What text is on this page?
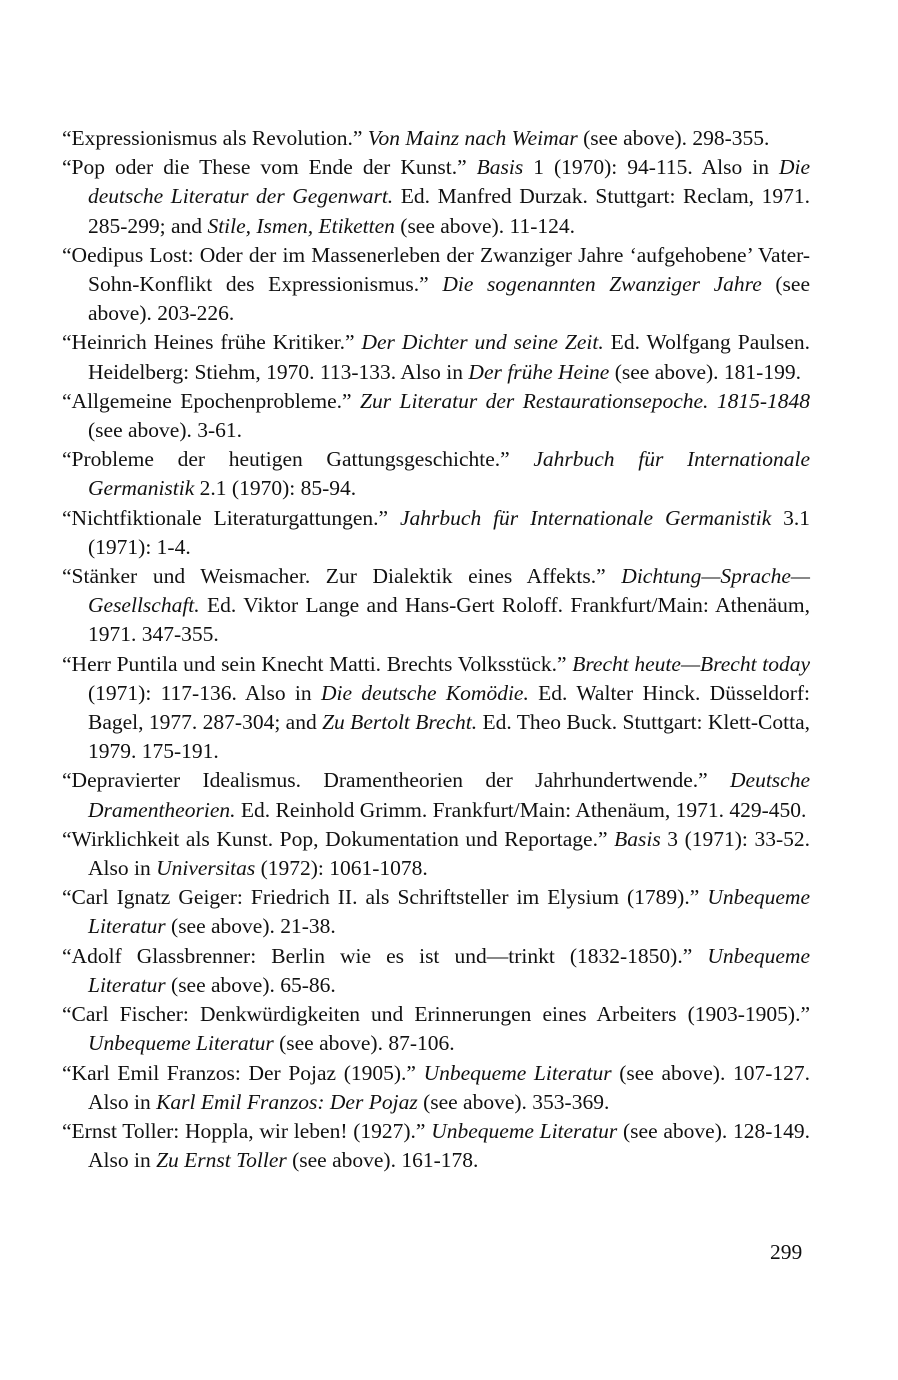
“Expressionismus als Revolution.” Von Mainz nach Weimar (see above). 298-355.

“Pop oder die These vom Ende der Kunst.” Basis 1 (1970): 94-115. Also in Die deutsche Literatur der Gegenwart. Ed. Manfred Durzak. Stuttgart: Reclam, 1971. 285-299; and Stile, Ismen, Etiketten (see above). 11-124.

“Oedipus Lost: Oder der im Massenerleben der Zwanziger Jahre ‘aufgehobene’ Vater-Sohn-Konflikt des Expressionismus.” Die sogenannten Zwanziger Jahre (see above). 203-226.

“Heinrich Heines frühe Kritiker.” Der Dichter und seine Zeit. Ed. Wolfgang Paulsen. Heidelberg: Stiehm, 1970. 113-133. Also in Der frühe Heine (see above). 181-199.

“Allgemeine Epochenprobleme.” Zur Literatur der Restaurationsepoche. 1815-1848 (see above). 3-61.

“Probleme der heutigen Gattungsgeschichte.” Jahrbuch für Internationale Germanistik 2.1 (1970): 85-94.

“Nichtfiktionale Literaturgattungen.” Jahrbuch für Internationale Germanistik 3.1 (1971): 1-4.

“Stänker und Weismacher. Zur Dialektik eines Affekts.” Dichtung—Sprache—Gesellschaft. Ed. Viktor Lange and Hans-Gert Roloff. Frankfurt/Main: Athenäum, 1971. 347-355.

“Herr Puntila und sein Knecht Matti. Brechts Volksstück.” Brecht heute—Brecht today (1971): 117-136. Also in Die deutsche Komödie. Ed. Walter Hinck. Düsseldorf: Bagel, 1977. 287-304; and Zu Bertolt Brecht. Ed. Theo Buck. Stuttgart: Klett-Cotta, 1979. 175-191.

“Depravierter Idealismus. Dramentheorien der Jahrhundertwende.” Deutsche Dramentheorien. Ed. Reinhold Grimm. Frankfurt/Main: Athenäum, 1971. 429-450.

“Wirklichkeit als Kunst. Pop, Dokumentation und Reportage.” Basis 3 (1971): 33-52. Also in Universitas (1972): 1061-1078.

“Carl Ignatz Geiger: Friedrich II. als Schriftsteller im Elysium (1789).” Unbequeme Literatur (see above). 21-38.

“Adolf Glassbrenner: Berlin wie es ist und—trinkt (1832-1850).” Unbequeme Literatur (see above). 65-86.

“Carl Fischer: Denkwürdigkeiten und Erinnerungen eines Arbeiters (1903-1905).” Unbequeme Literatur (see above). 87-106.

“Karl Emil Franzos: Der Pojaz (1905).” Unbequeme Literatur (see above). 107-127. Also in Karl Emil Franzos: Der Pojaz (see above). 353-369.

“Ernst Toller: Hoppla, wir leben! (1927).” Unbequeme Literatur (see above). 128-149. Also in Zu Ernst Toller (see above). 161-178.

299
